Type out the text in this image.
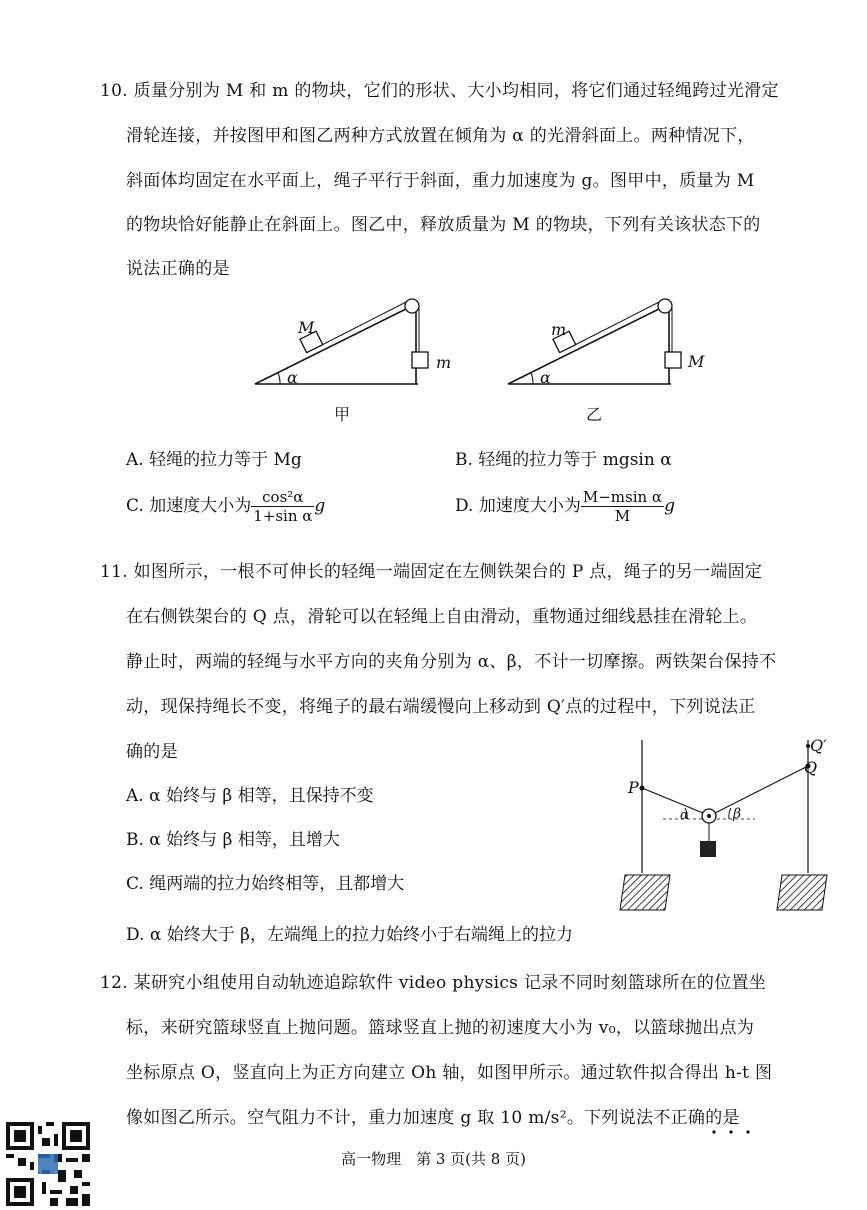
10. 质量分别为 M 和 m 的物块，它们的形状、大小均相同，将它们通过轻绳跨过光滑定
滑轮连接，并按图甲和图乙两种方式放置在倾角为 α 的光滑斜面上。两种情况下，
斜面体均固定在水平面上，绳子平行于斜面，重力加速度为 g。图甲中，质量为 M
的物块恰好能静止在斜面上。图乙中，释放质量为 M 的物块，下列有关该状态下的
说法正确的是
M
m
α
甲
m
M
α
乙
A. 轻绳的拉力等于 Mg	B. 轻绳的拉力等于 mgsin α
C. 加速度大小为 $\frac{\text{cos²α}}{\text{1+sin α}}$ g	D. 加速度大小为 $\frac{\text{M−msin α}}{M}$ g
11. 如图所示，一根不可伸长的轻绳一端固定在左侧铁架台的 P 点，绳子的另一端固定
在右侧铁架台的 Q 点，滑轮可以在轻绳上自由滑动，重物通过细线悬挂在滑轮上。
静止时，两端的轻绳与水平方向的夹角分别为 α、β，不计一切摩擦。两铁架台保持不
动，现保持绳长不变，将绳子的最右端缓慢向上移动到 Q′点的过程中，下列说法正
确的是
A. α 始终与 β 相等，且保持不变
B. α 始终与 β 相等，且增大
C. 绳两端的拉力始终相等，且都增大
D. α 始终大于 β，左端绳上的拉力始终小于右端绳上的拉力
P
Q
Q′
α	β
12. 某研究小组使用自动轨迹追踪软件 video physics 记录不同时刻篮球所在的位置坐
标，来研究篮球竖直上抛问题。篮球竖直上抛的初速度大小为 v₀，以篮球抛出点为
坐标原点 O，竖直向上为正方向建立 Oh 轴，如图甲所示。通过软件拟合得出 h-t 图
像如图乙所示。空气阻力不计，重力加速度 g 取 10 m/s²。下列说法不正确的是
高一物理　第 3 页(共 8 页)
